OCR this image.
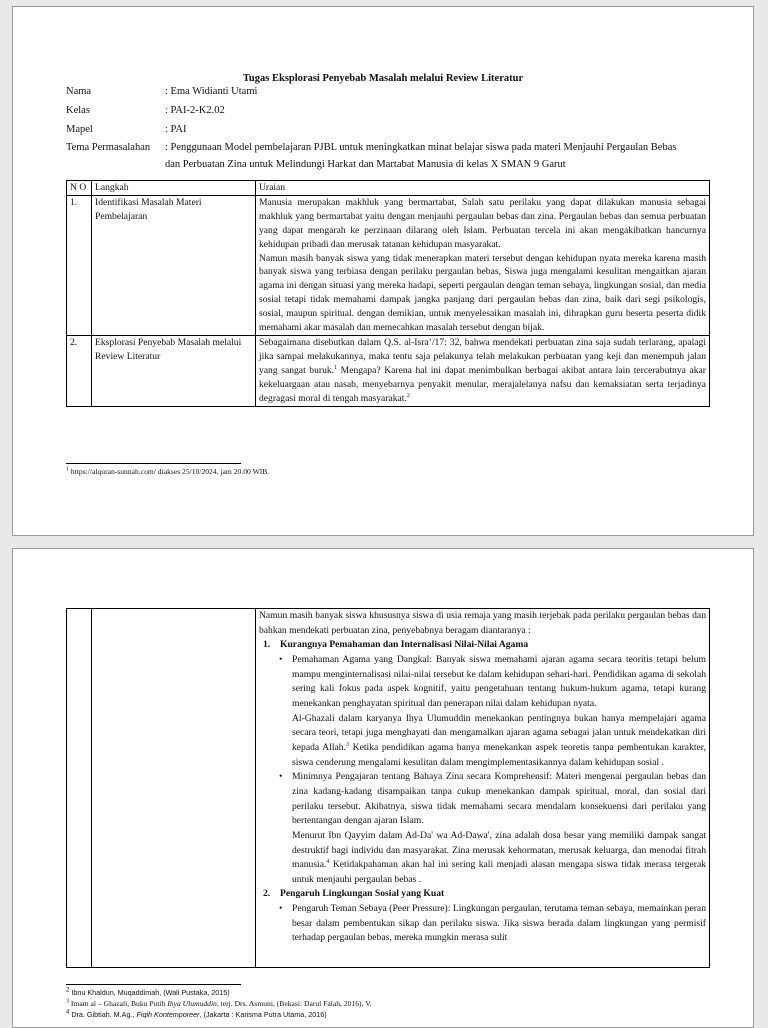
Tugas Eksplorasi Penyebab Masalah melalui Review Literatur
Nama	: Ema Widianti Utami
Kelas	: PAI-2-K2.02
Mapel	: PAI
Tema Permasalahan : Penggunaan Model pembelajaran PJBL untuk meningkatkan minat belajar siswa pada materi Menjauhi Pergaulan Bebas
dan Perbuatan Zina untuk Melindungi Harkat dan Martabat Manusia di kelas X SMAN 9 Garut
N O	Langkah	Uraian
1.	Identifikasi Masalah Materi Pembelajaran	Manusia merupakan makhluk yang bermartabat, Salah satu perilaku yang dapat dilakukan manusia sebagai makhluk yang bermartabat yaitu dengan menjauhi pergaulan bebas dan zina. Pergaulan bebas dan semua perbuatan yang dapat mengarah ke perzinaan dilarang oleh Islam. Perbuatan tercela ini akan mengakibatkan hancurnya kehidupan pribadi dan merusak tatanan kehidupan masyarakat.

Namun masih banyak siswa yang tidak menerapkan materi tersebut dengan kehidupan nyata mereka karena masih banyak siswa yang terbiasa dengan perilaku pergaulan bebas, Siswa juga mengalami kesulitan mengaitkan ajaran agama ini dengan situasi yang mereka hadapi, seperti pergaulan dengan teman sebaya, lingkungan sosial, dan media sosial tetapi tidak memahami dampak jangka panjang dari pergaulan bebas dan zina, baik dari segi psikologis, sosial, maupun spiritual. dengan demikian, untuk menyelesaikan masalah ini, dihrapkan guru beserta peserta didik memahami akar masalah dan memecahkan masalah tersebut dengan bijak.

2.	Eksplorasi Penyebab Masalah melalui Review Literatur	Sebagaimana disebutkan dalam Q.S. al-Isra’/17: 32, bahwa mendekati perbuatan zina saja sudah terlarang, apalagi jika sampai melakukannya, maka tentu saja pelakunya telah melakukan perbuatan yang keji dan menempuh jalan yang sangat buruk.$^1$ Mengapa? Karena hal ini dapat menimbulkan berbagai akibat antara lain tercerabutnya akar kekeluargaan atau nasab, menyebarnya penyakit menular, merajalelanya nafsu dan kemaksiatan serta terjadinya degragasi moral di tengah masyarakat.$^2$
$^1$ https://alquran-sunnah.com/ diakses 25/10/2024, jam 20.00 WIB.

Namun masih banyak siswa khususnya siswa di usia remaja yang masih terjebak pada perilaku pergaulan bebas dan bahkan mendekati perbuatan zina, penyebabnya beragam diantaranya :

1. Kurangnya Pemahaman dan Internalisasi Nilai-Nilai Agama

• Pemahaman Agama yang Dangkal: Banyak siswa memahami ajaran agama secara teoritis tetapi belum mampu menginternalisasi nilai-nilai tersebut ke dalam kehidupan sehari-hari. Pendidikan agama di sekolah sering kali fokus pada aspek kognitif, yaitu pengetahuan tentang hukum-hukum agama, tetapi kurang menekankan penghayatan spiritual dan penerapan nilai dalam kehidupan nyata.

Al-Ghazali dalam karyanya Ihya Ulumuddin menekankan pentingnya bukan hanya mempelajari agama secara teori, tetapi juga menghayati dan mengamalkan ajaran agama sebagai jalan untuk mendekatkan diri kepada Allah.$^3$ Ketika pendidikan agama hanya menekankan aspek teoretis tanpa pembentukan karakter, siswa cenderung mengalami kesulitan dalam mengimplementasikannya dalam kehidupan sosial .

• Minimnya Pengajaran tentang Bahaya Zina secara Komprehensif: Materi mengenai pergaulan bebas dan zina kadang-kadang disampaikan tanpa cukup menekankan dampak spiritual, moral, dan sosial dari perilaku tersebut. Akibatnya, siswa tidak memahami secara mendalam konsekuensi dari perilaku yang bertentangan dengan ajaran Islam.

Menurut Ibn Qayyim dalam Ad-Da' wa Ad-Dawa', zina adalah dosa besar yang memiliki dampak sangat destruktif bagi individu dan masyarakat. Zina merusak kehormatan, merusak keluarga, dan menodai fitrah manusia.$^4$ Ketidakpahaman akan hal ini sering kali menjadi alasan mengapa siswa tidak merasa tergerak untuk menjauhi pergaulan bebas .

2. Pengaruh Lingkungan Sosial yang Kuat

• Pengaruh Teman Sebaya (Peer Pressure): Lingkungan pergaulan, terutama teman sebaya, memainkan peran besar dalam pembentukan sikap dan perilaku siswa. Jika siswa berada dalam lingkungan yang permisif terhadap pergaulan bebas, mereka mungkin merasa sulit

$^2$ Ibnu Khaldun, Muqaddimah, (Wali Pustaka, 2015)
$^3$ Imam al – Ghazali, Buku Putih Ihya Ulumuddin, terj. Drs. Asmuni, (Bekasi: Darul Falah, 2016), V.
$^4$ Dra. Gibtiah, M.Ag., Fiqih Kontemporeer, (Jakarta : Karisma Putra Utama, 2016)
